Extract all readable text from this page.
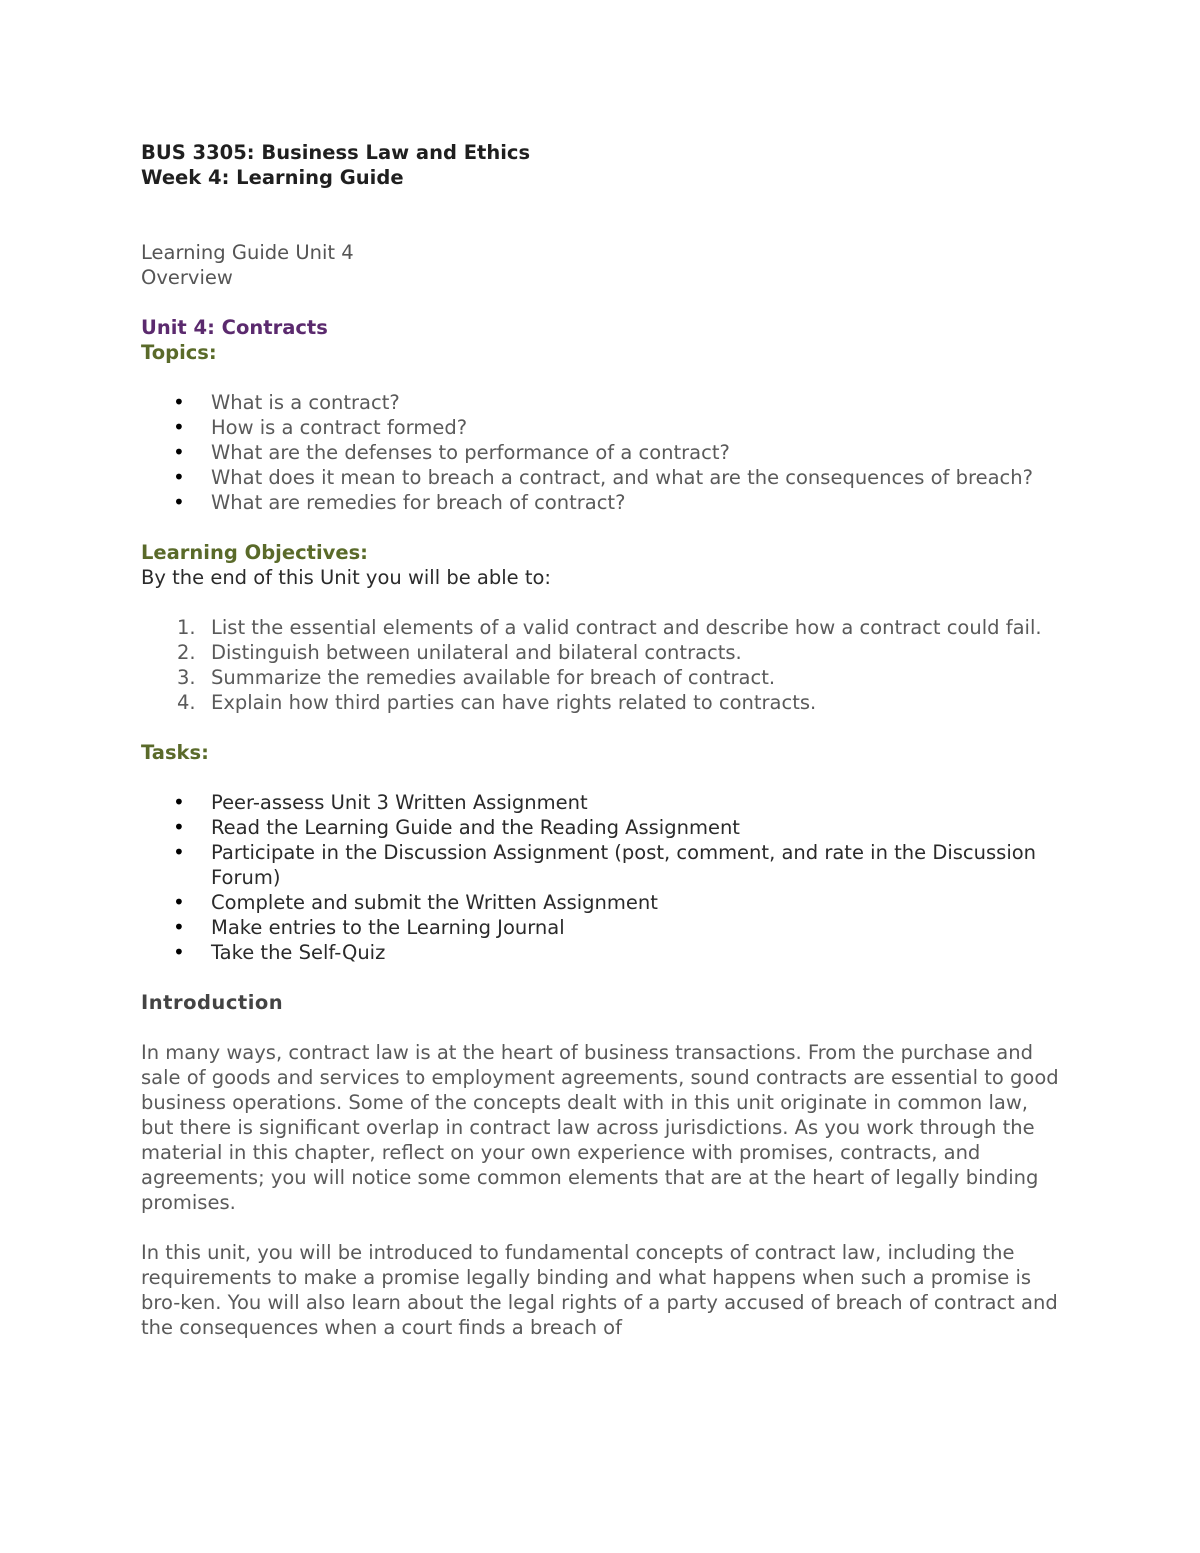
BUS 3305: Business Law and Ethics
Week 4: Learning Guide
Learning Guide Unit 4
Overview
Unit 4: Contracts
Topics:
• What is a contract?
• How is a contract formed?
• What are the defenses to performance of a contract?
• What does it mean to breach a contract, and what are the consequences of breach?
• What are remedies for breach of contract?
Learning Objectives:
By the end of this Unit you will be able to:
1. List the essential elements of a valid contract and describe how a contract could fail.
2. Distinguish between unilateral and bilateral contracts.
3. Summarize the remedies available for breach of contract.
4. Explain how third parties can have rights related to contracts.
Tasks:
• Peer-assess Unit 3 Written Assignment
• Read the Learning Guide and the Reading Assignment
• Participate in the Discussion Assignment (post, comment, and rate in the Discussion Forum)
• Complete and submit the Written Assignment
• Make entries to the Learning Journal
• Take the Self-Quiz
Introduction

In many ways, contract law is at the heart of business transactions. From the purchase and sale of goods and services to employment agreements, sound contracts are essential to good business operations. Some of the concepts dealt with in this unit originate in common law, but there is significant overlap in contract law across jurisdictions. As you work through the material in this chapter, reflect on your own experience with promises, contracts, and agreements; you will notice some common elements that are at the heart of legally binding promises.

In this unit, you will be introduced to fundamental concepts of contract law, including the requirements to make a promise legally binding and what happens when such a promise is bro-ken. You will also learn about the legal rights of a party accused of breach of contract and the consequences when a court finds a breach of
